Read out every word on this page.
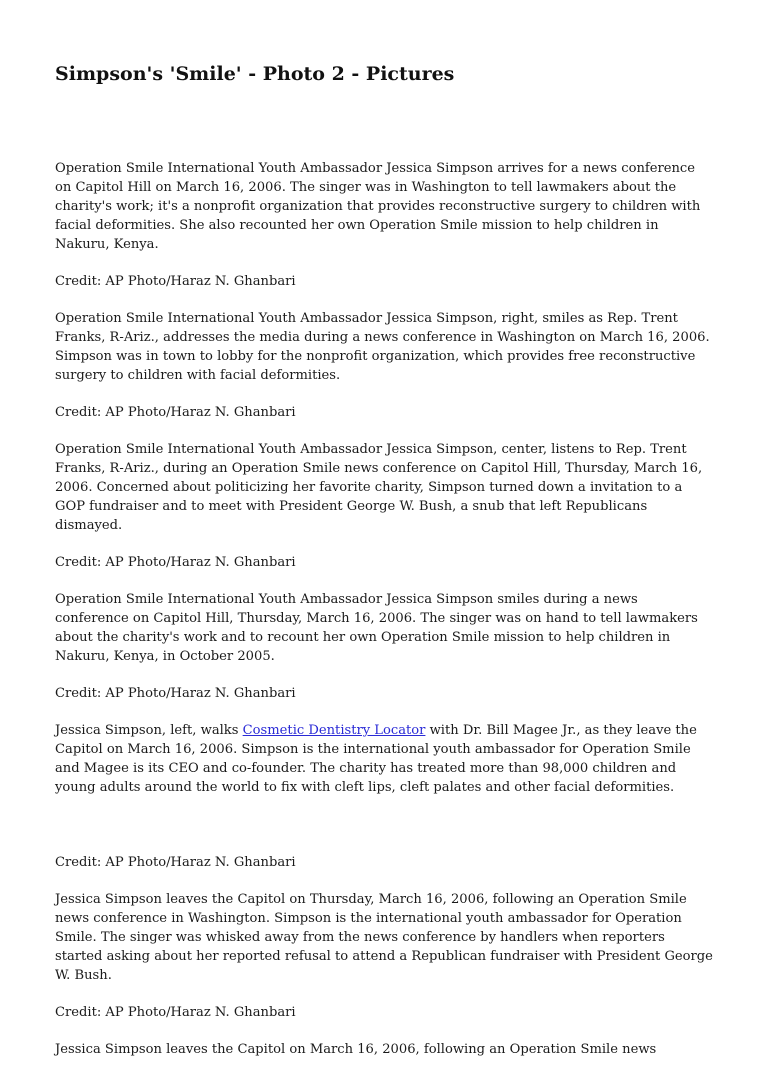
Simpson's 'Smile' - Photo 2 - Pictures

Operation Smile International Youth Ambassador Jessica Simpson arrives for a news conference on Capitol Hill on March 16, 2006. The singer was in Washington to tell lawmakers about the charity's work; it's a nonprofit organization that provides reconstructive surgery to children with facial deformities. She also recounted her own Operation Smile mission to help children in Nakuru, Kenya.

Credit: AP Photo/Haraz N. Ghanbari

Operation Smile International Youth Ambassador Jessica Simpson, right, smiles as Rep. Trent Franks, R-Ariz., addresses the media during a news conference in Washington on March 16, 2006. Simpson was in town to lobby for the nonprofit organization, which provides free reconstructive surgery to children with facial deformities.

Credit: AP Photo/Haraz N. Ghanbari

Operation Smile International Youth Ambassador Jessica Simpson, center, listens to Rep. Trent Franks, R-Ariz., during an Operation Smile news conference on Capitol Hill, Thursday, March 16, 2006. Concerned about politicizing her favorite charity, Simpson turned down a invitation to a GOP fundraiser and to meet with President George W. Bush, a snub that left Republicans dismayed.

Credit: AP Photo/Haraz N. Ghanbari

Operation Smile International Youth Ambassador Jessica Simpson smiles during a news conference on Capitol Hill, Thursday, March 16, 2006. The singer was on hand to tell lawmakers about the charity's work and to recount her own Operation Smile mission to help children in Nakuru, Kenya, in October 2005.

Credit: AP Photo/Haraz N. Ghanbari

Jessica Simpson, left, walks Cosmetic Dentistry Locator with Dr. Bill Magee Jr., as they leave the Capitol on March 16, 2006. Simpson is the international youth ambassador for Operation Smile and Magee is its CEO and co-founder. The charity has treated more than 98,000 children and young adults around the world to fix with cleft lips, cleft palates and other facial deformities.

Credit: AP Photo/Haraz N. Ghanbari

Jessica Simpson leaves the Capitol on Thursday, March 16, 2006, following an Operation Smile news conference in Washington. Simpson is the international youth ambassador for Operation Smile. The singer was whisked away from the news conference by handlers when reporters started asking about her reported refusal to attend a Republican fundraiser with President George W. Bush.

Credit: AP Photo/Haraz N. Ghanbari

Jessica Simpson leaves the Capitol on March 16, 2006, following an Operation Smile news
